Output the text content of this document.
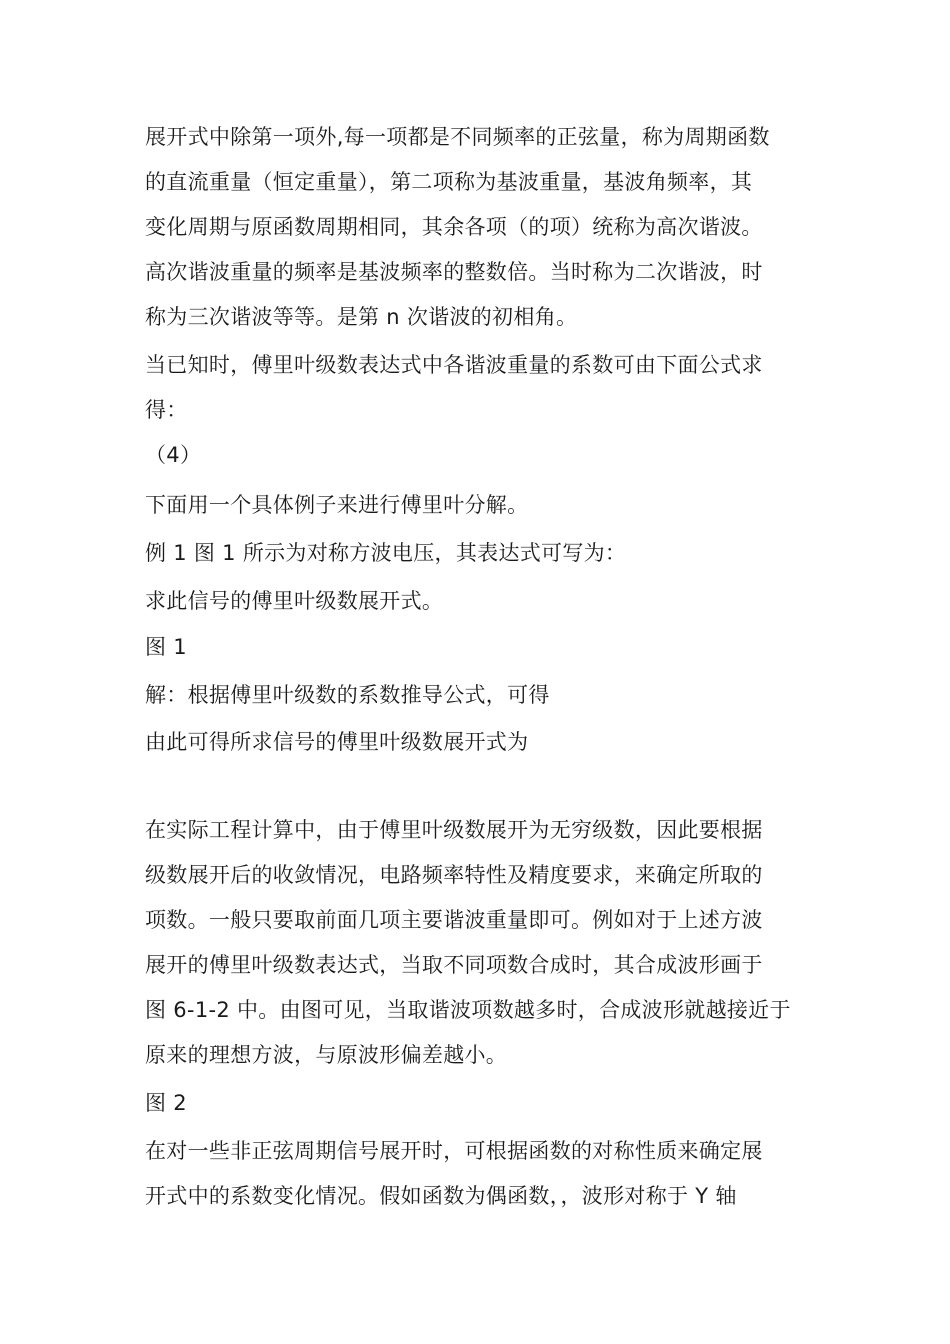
展开式中除第一项外,每一项都是不同频率的正弦量，称为周期函数
的直流重量（恒定重量），第二项称为基波重量，基波角频率，其
变化周期与原函数周期相同，其余各项（的项）统称为高次谐波。
高次谐波重量的频率是基波频率的整数倍。当时称为二次谐波，时
称为三次谐波等等。是第 n 次谐波的初相角。
当已知时，傅里叶级数表达式中各谐波重量的系数可由下面公式求
得：
（4）
下面用一个具体例子来进行傅里叶分解。
例 1 图 1 所示为对称方波电压，其表达式可写为：
求此信号的傅里叶级数展开式。
图 1
解：根据傅里叶级数的系数推导公式，可得
由此可得所求信号的傅里叶级数展开式为
在实际工程计算中，由于傅里叶级数展开为无穷级数，因此要根据
级数展开后的收敛情况，电路频率特性及精度要求，来确定所取的
项数。一般只要取前面几项主要谐波重量即可。例如对于上述方波
展开的傅里叶级数表达式，当取不同项数合成时，其合成波形画于
图 6-1-2 中。由图可见，当取谐波项数越多时，合成波形就越接近于
原来的理想方波，与原波形偏差越小。
图 2
在对一些非正弦周期信号展开时，可根据函数的对称性质来确定展
开式中的系数变化情况。假如函数为偶函数，，波形对称于 Y 轴
